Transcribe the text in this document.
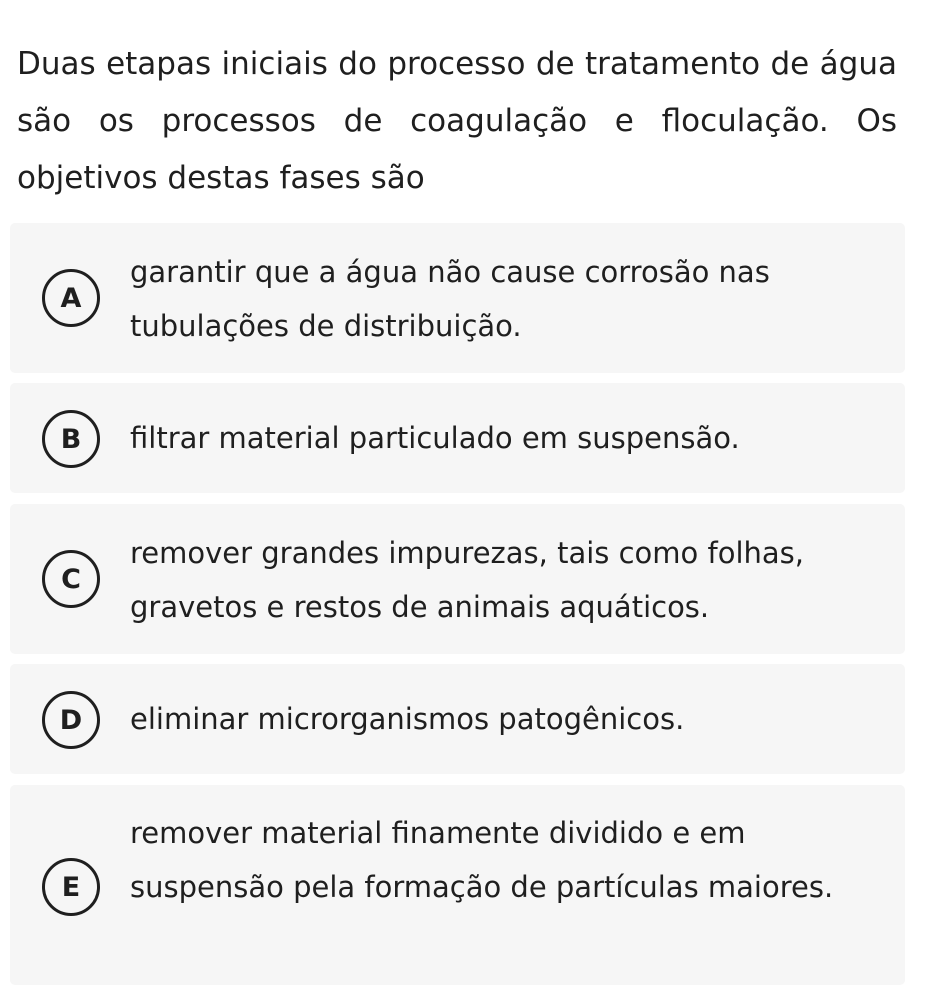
Duas etapas iniciais do processo de tratamento de água são os processos de coagulação e floculação. Os objetivos destas fases são

A
garantir que a água não cause corrosão nas tubulações de distribuição.
B	filtrar material particulado em suspensão.
C
remover grandes impurezas, tais como folhas, gravetos e restos de animais aquáticos.
D	eliminar microrganismos patogênicos.
E
remover material finamente dividido e em suspensão pela formação de partículas maiores.
